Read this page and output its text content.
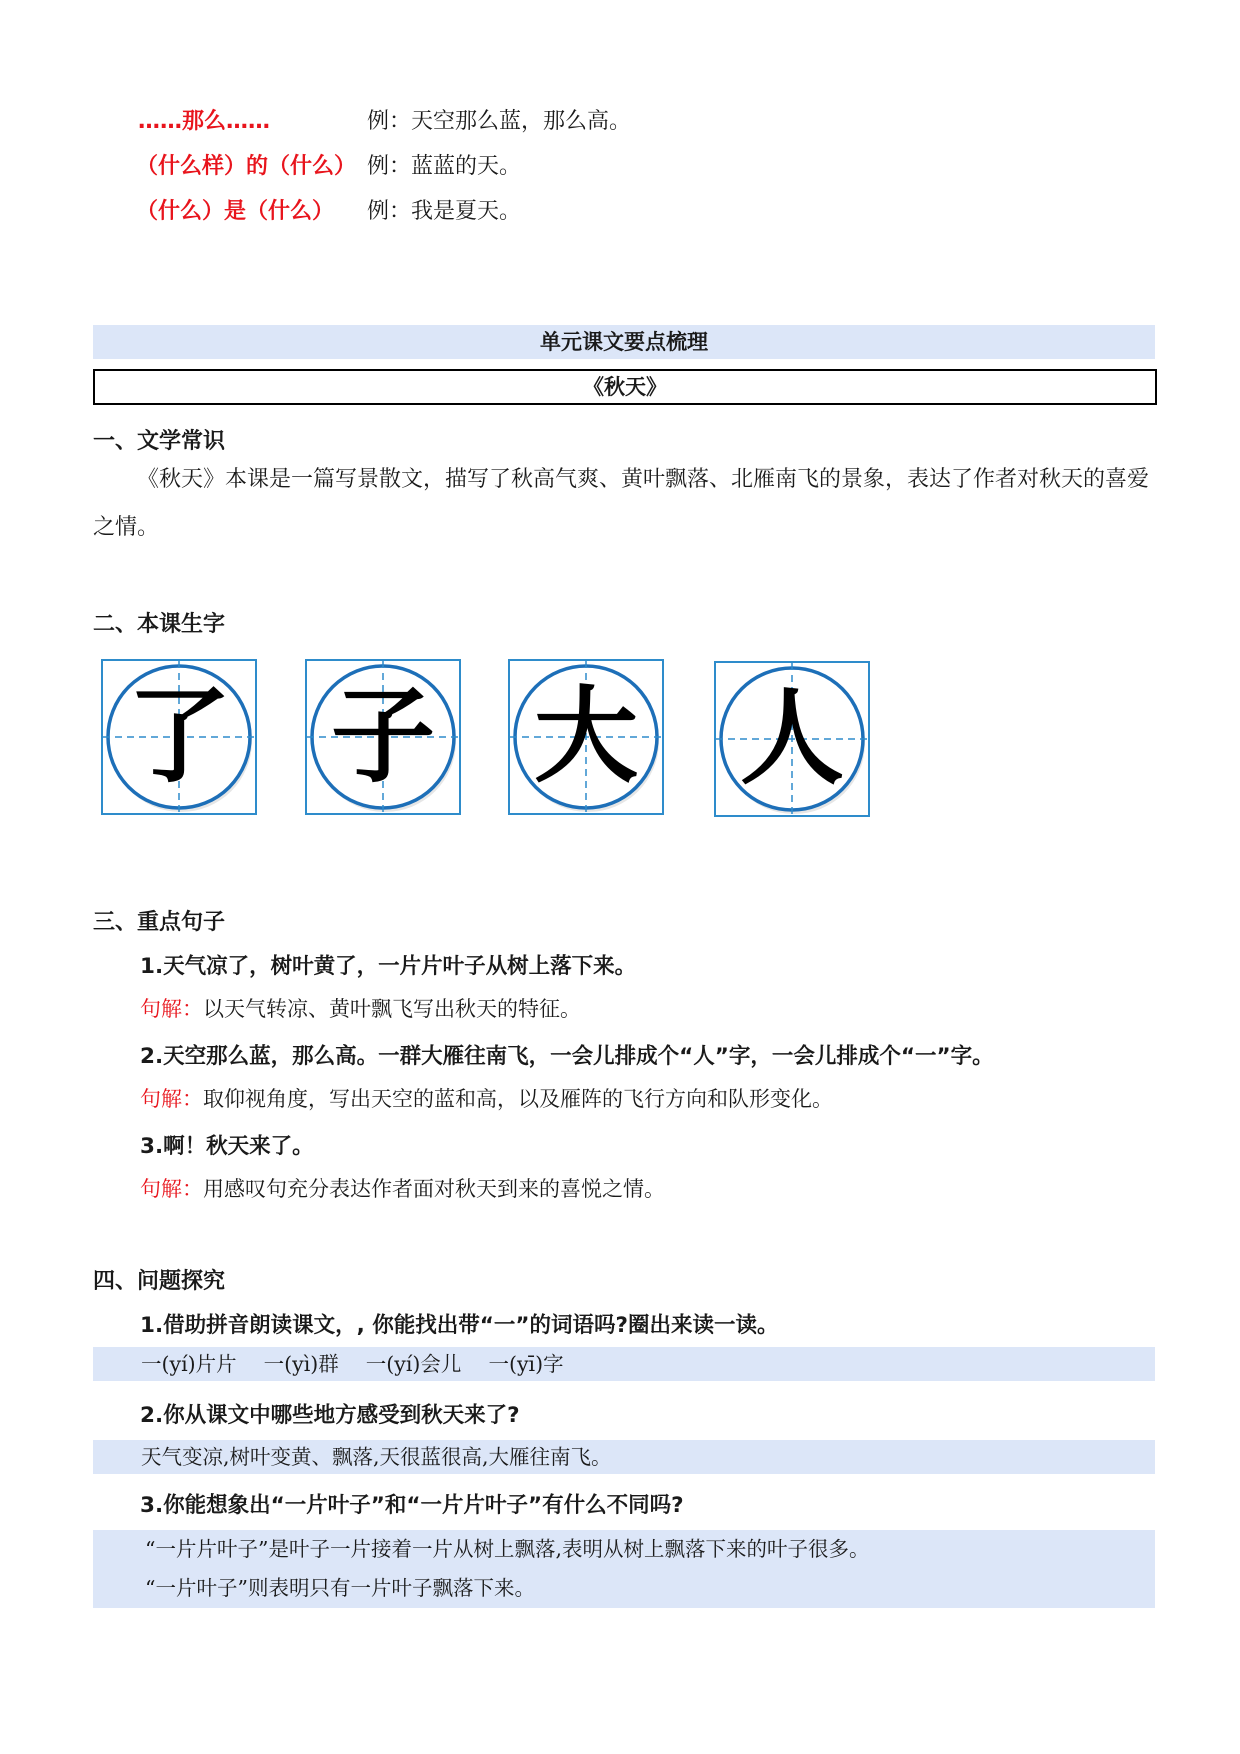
……那么……	例：天空那么蓝，那么高。
（什么样）的（什么） 例：蓝蓝的天。
（什么）是（什么） 例：我是夏天。
单元课文要点梳理
《秋天》
一、文学常识
《秋天》本课是一篇写景散文，描写了秋高气爽、黄叶飘落、北雁南飞的景象，表达了作者对秋天的喜爱之情。
二、本课生字
了 子 大 人
三、重点句子
1.天气凉了，树叶黄了，一片片叶子从树上落下来。
句解：以天气转凉、黄叶飘飞写出秋天的特征。
2.天空那么蓝，那么高。一群大雁往南飞，一会儿排成个“人”字，一会儿排成个“一”字。
句解：取仰视角度，写出天空的蓝和高，以及雁阵的飞行方向和队形变化。
3.啊！秋天来了。
句解：用感叹句充分表达作者面对秋天到来的喜悦之情。
四、问题探究
1.借助拼音朗读课文，, 你能找出带“一”的词语吗?圈出来读一读。
一(yí)片片　 一(yì)群　 一(yí)会儿　 一(yī)字
2.你从课文中哪些地方感受到秋天来了?
天气变凉,树叶变黄、飘落,天很蓝很高,大雁往南飞。
3.你能想象出“一片叶子”和“一片片叶子”有什么不同吗?
“一片片叶子”是叶子一片接着一片从树上飘落,表明从树上飘落下来的叶子很多。
“一片叶子”则表明只有一片叶子飘落下来。
